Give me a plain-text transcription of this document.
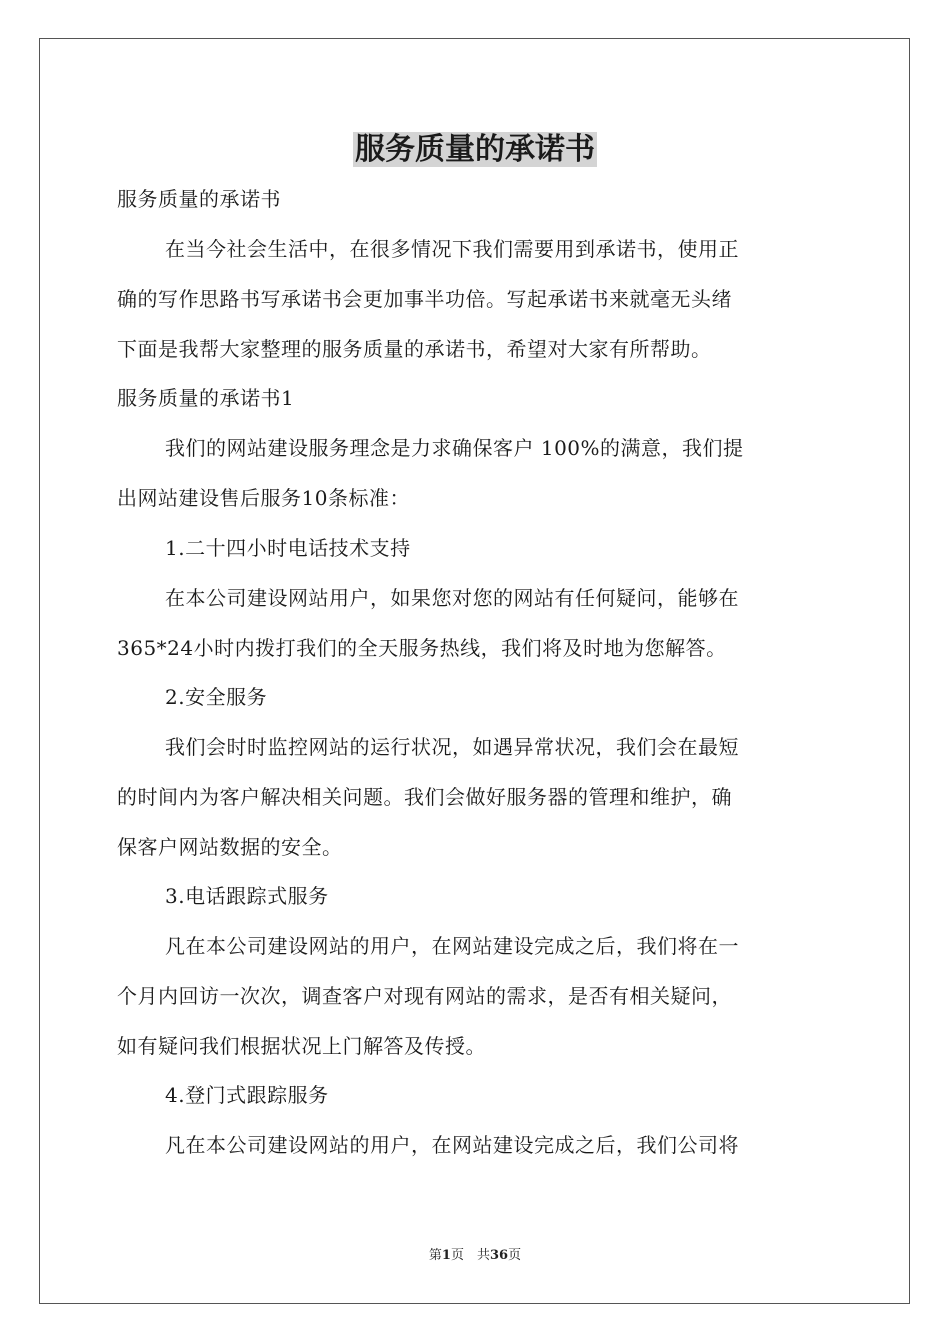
服务质量的承诺书
服务质量的承诺书
在当今社会生活中，在很多情况下我们需要用到承诺书，使用正
确的写作思路书写承诺书会更加事半功倍。写起承诺书来就毫无头绪
下面是我帮大家整理的服务质量的承诺书，希望对大家有所帮助。
服务质量的承诺书1
我们的网站建设服务理念是力求确保客户 100%的满意，我们提
出网站建设售后服务10条标准：
1.二十四小时电话技术支持
在本公司建设网站用户，如果您对您的网站有任何疑问，能够在
365*24小时内拨打我们的全天服务热线，我们将及时地为您解答。
2.安全服务
我们会时时监控网站的运行状况，如遇异常状况，我们会在最短
的时间内为客户解决相关问题。我们会做好服务器的管理和维护，确
保客户网站数据的安全。
3.电话跟踪式服务
凡在本公司建设网站的用户，在网站建设完成之后，我们将在一
个月内回访一次次，调查客户对现有网站的需求，是否有相关疑问，
如有疑问我们根据状况上门解答及传授。
4.登门式跟踪服务
凡在本公司建设网站的用户，在网站建设完成之后，我们公司将
第1页　共36页
